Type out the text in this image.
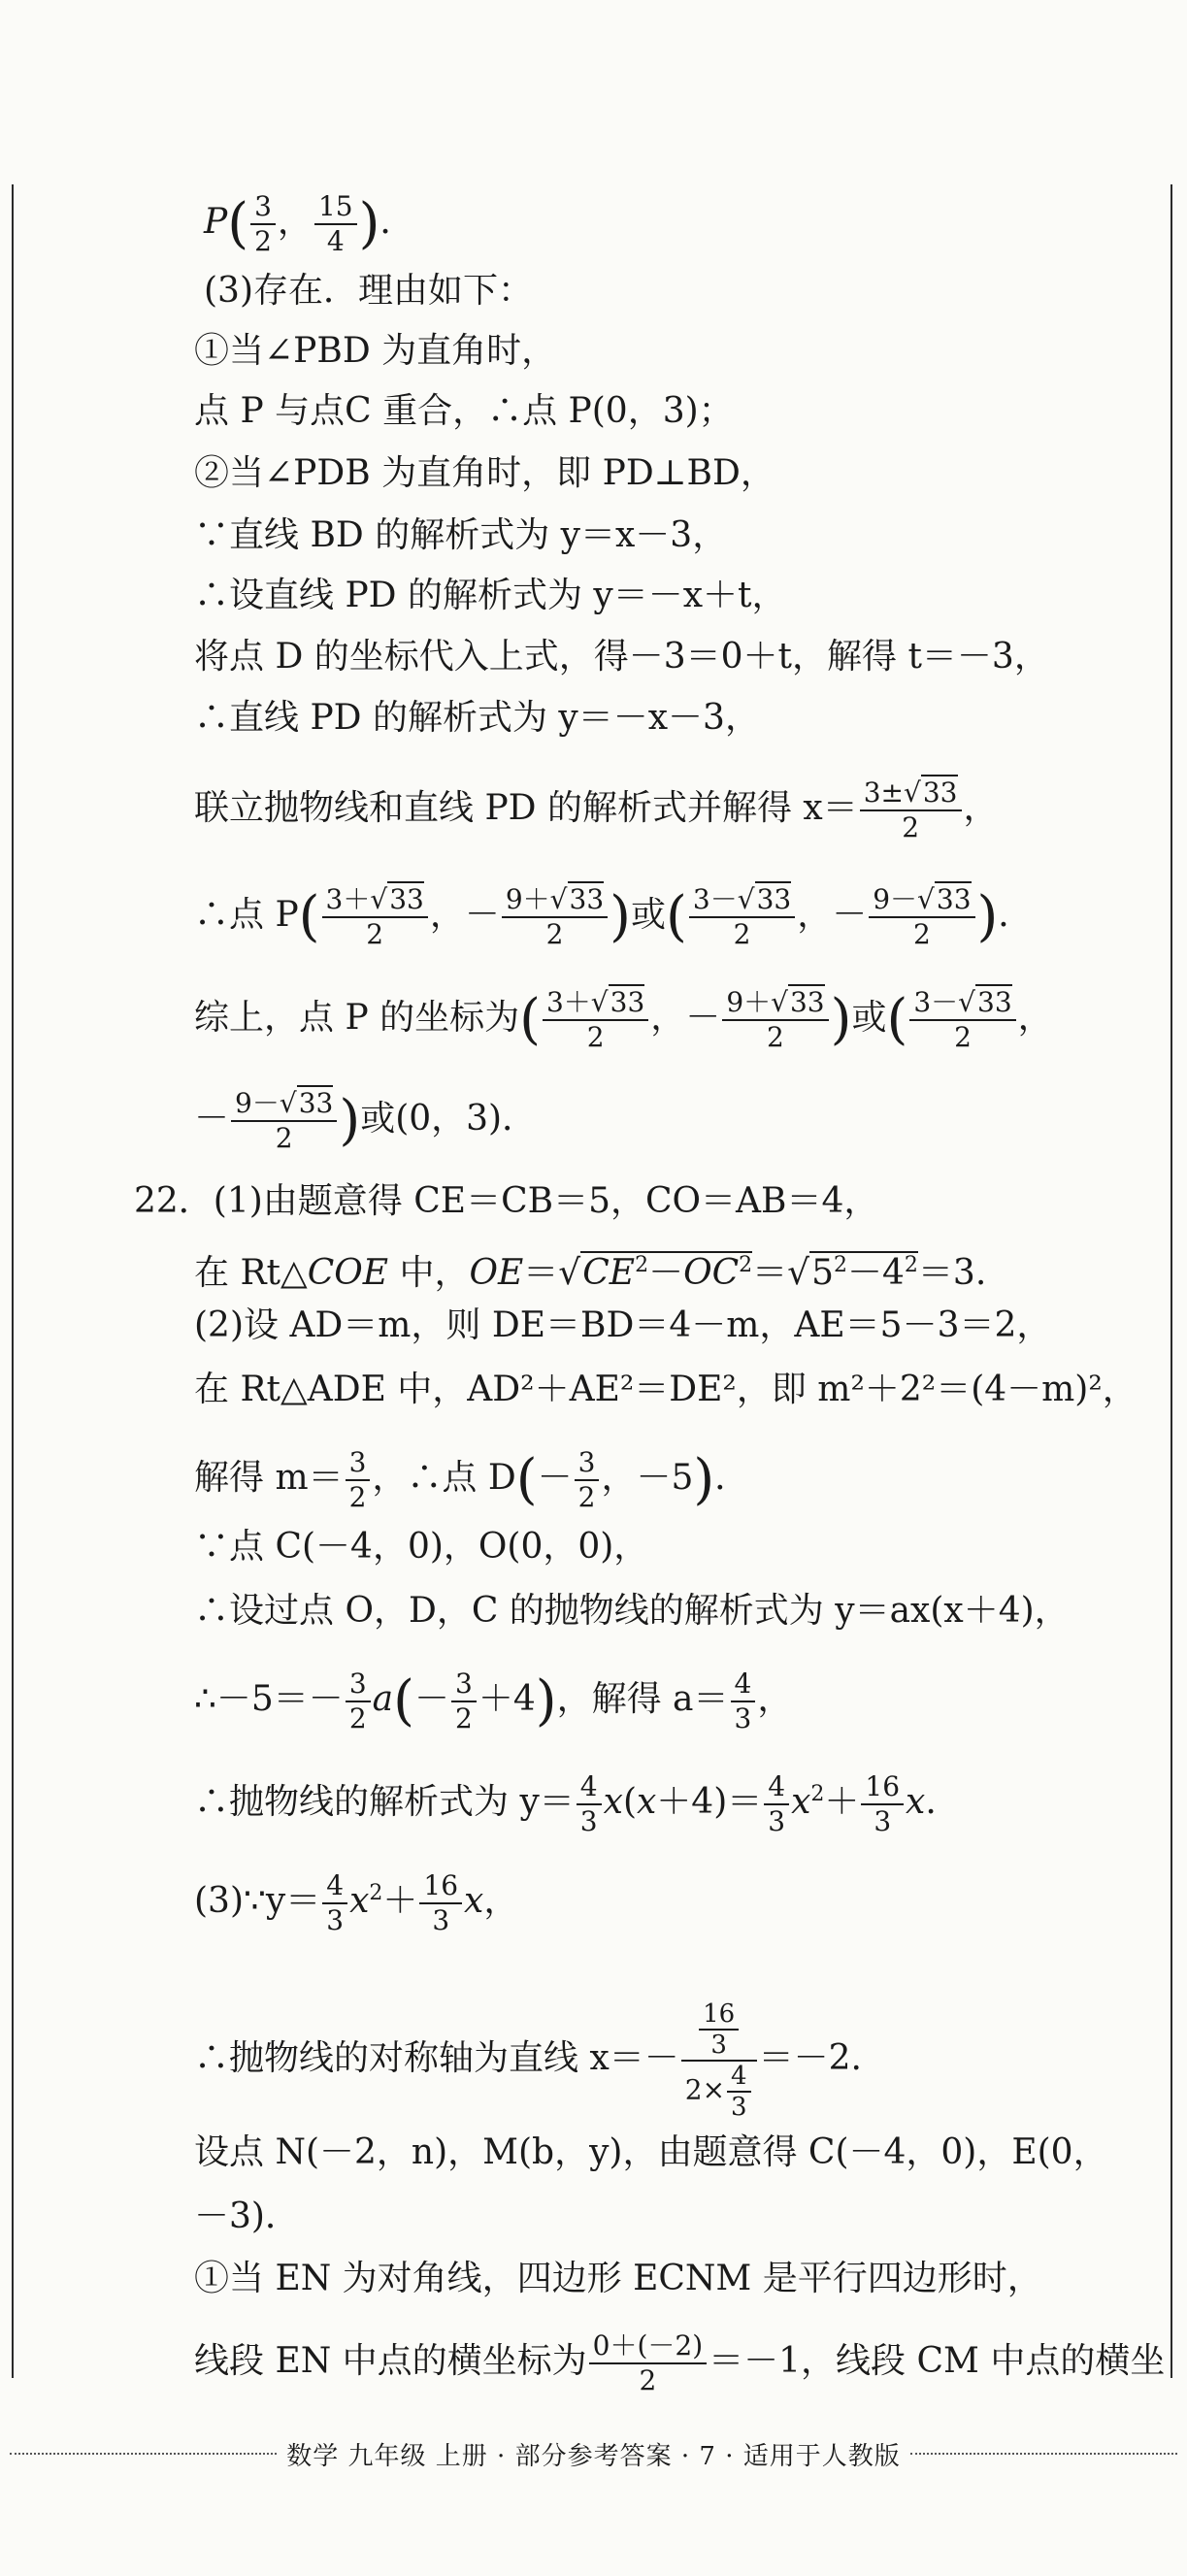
$P( \frac{3}{2}$ ， $\frac{15}{4}$ )．
(3)存在．理由如下：
①当∠PBD 为直角时，
点 P 与点C 重合，∴点 P(0，3)；
②当∠PDB 为直角时，即 PD⊥BD，
∵直线 BD 的解析式为 y＝x－3，
∴设直线 PD 的解析式为 y＝－x＋t，
将点 D 的坐标代入上式，得－3＝0＋t，解得 t＝－3，
∴直线 PD 的解析式为 y＝－x－3，
联立抛物线和直线 PD 的解析式并解得 $x= \frac{3\pm√33}{2}$ ，
∴点 $P( \frac{3+√33}{2}$ ，－ $\frac{9+√33}{2}$ )或( $\frac{3-√33}{2}$ ，－ $\frac{9-√33}{2}$ )．
综上，点 P 的坐标为( $\frac{3+√33}{2}$ ，－ $\frac{9+√33}{2}$ )或( $\frac{3-√33}{2}$ ，
－ $\frac{9-√33}{2}$ )或(0，3)．
22．(1)由题意得 CE＝CB＝5，CO＝AB＝4，
在 Rt△COE 中，$OE=√CE^2-OC^2=√5^2-4^2=3$.
(2)设 AD＝m，则 DE＝BD＝4－m，AE＝5－3＝2，
在 Rt△ADE 中，AD²＋AE²＝DE²，即 m²＋2²＝(4－m)²，
解得 $m= \frac{3}{2}$ ，∴点 $D(- \frac{3}{2}$ ，－5)．
∵点 C(－4，0)，O(0，0)，
∴设过点 O，D，C 的抛物线的解析式为 y＝ax(x＋4)，
∴－5＝－ $\frac{3}{2} a(- \frac{3}{2} +4)$，解得 $a= \frac{4}{3}$ ，
∴抛物线的解析式为 $y= \frac{4}{3} x(x+4)= \frac{4}{3} x^2+ \frac{16}{3} x$.
(3)∵y＝ $\frac{4}{3} x^2+ \frac{16}{3}$ x，
∴抛物线的对称轴为直线 $x=- \frac{\frac{16}{3}}{2\times \frac{4}{3}} =-2$.
设点 N(－2，n)，M(b，y)，由题意得 C(－4，0)，E(0，
－3)．
①当 EN 为对角线，四边形 ECNM 是平行四边形时，
线段 EN 中点的横坐标为 $\frac{0+(-2)}{2} =-1$，线段 CM 中点的横坐
数学 九年级 上册 · 部分参考答案 · 7 · 适用于人教版
